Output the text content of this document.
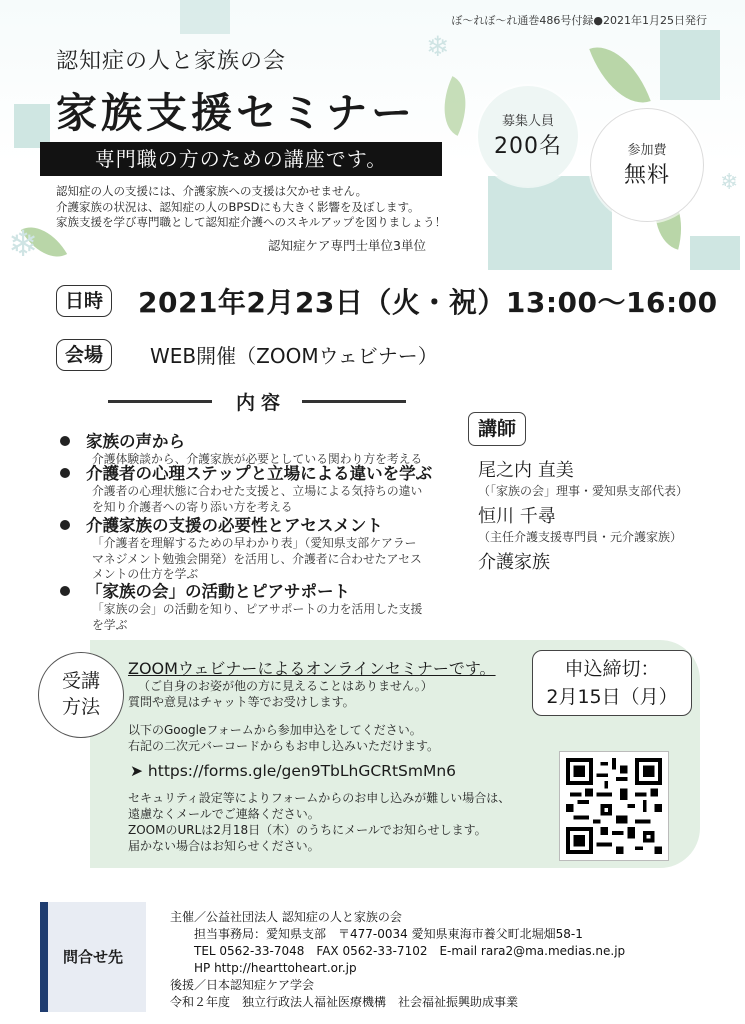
❄
❄
❄
ぼ～れぼ～れ通巻486号付録●2021年1月25日発行
認知症の人と家族の会
家族支援セミナー	募集人員
200名	参加費
無料
専門職の方のための講座です。
認知症の人の支援には、介護家族への支援は欠かせません。
介護家族の状況は、認知症の人のBPSDにも大きく影響を及ぼします。
家族支援を学び専門職として認知症介護へのスキルアップを図りましょう！
認知症ケア専門士単位3単位
日時	2021年2月23日（火・祝）13:00～16:00
会場	WEB開催（ZOOMウェビナー）
内容
家族の声から
介護体験談から、介護家族が必要としている関わり方を考える
介護者の心理ステップと立場による違いを学ぶ
介護者の心理状態に合わせた支援と、立場による気持ちの違い
を知り介護者への寄り添い方を考える
介護家族の支援の必要性とアセスメント
「介護者を理解するための早わかり表」（愛知県支部ケアラー
マネジメント勉強会開発）を活用し、介護者に合わせたアセス
メントの仕方を学ぶ
「家族の会」の活動とピアサポート
「家族の会」の活動を知り、ピアサポートの力を活用した支援
を学ぶ
講師
尾之内 直美
（「家族の会」理事・愛知県支部代表）
恒川 千尋
（主任介護支援専門員・元介護家族）
介護家族
受講
方法
申込締切：
2月15日（月）
ZOOMウェビナーによるオンラインセミナーです。
（ご自身のお姿が他の方に見えることはありません。）
質問や意見はチャット等でお受けします。
以下のGoogleフォームから参加申込をしてください。
右記の二次元バーコードからもお申し込みいただけます。
➤ https://forms.gle/gen9TbLhGCRtSmMn6
セキュリティ設定等によりフォームからのお申し込みが難しい場合は、
遠慮なくメールでご連絡ください。
ZOOMのURLは2月18日（木）のうちにメールでお知らせします。
届かない場合はお知らせください。
問合せ先
主催／公益社団法人 認知症の人と家族の会
　　担当事務局：愛知県支部　〒477-0034 愛知県東海市養父町北堀畑58-1
　　TEL 0562-33-7048　FAX 0562-33-7102　E-mail rara2@ma.medias.ne.jp
　　HP http://hearttoheart.or.jp
後援／日本認知症ケア学会
令和２年度　独立行政法人福祉医療機構　社会福祉振興助成事業
